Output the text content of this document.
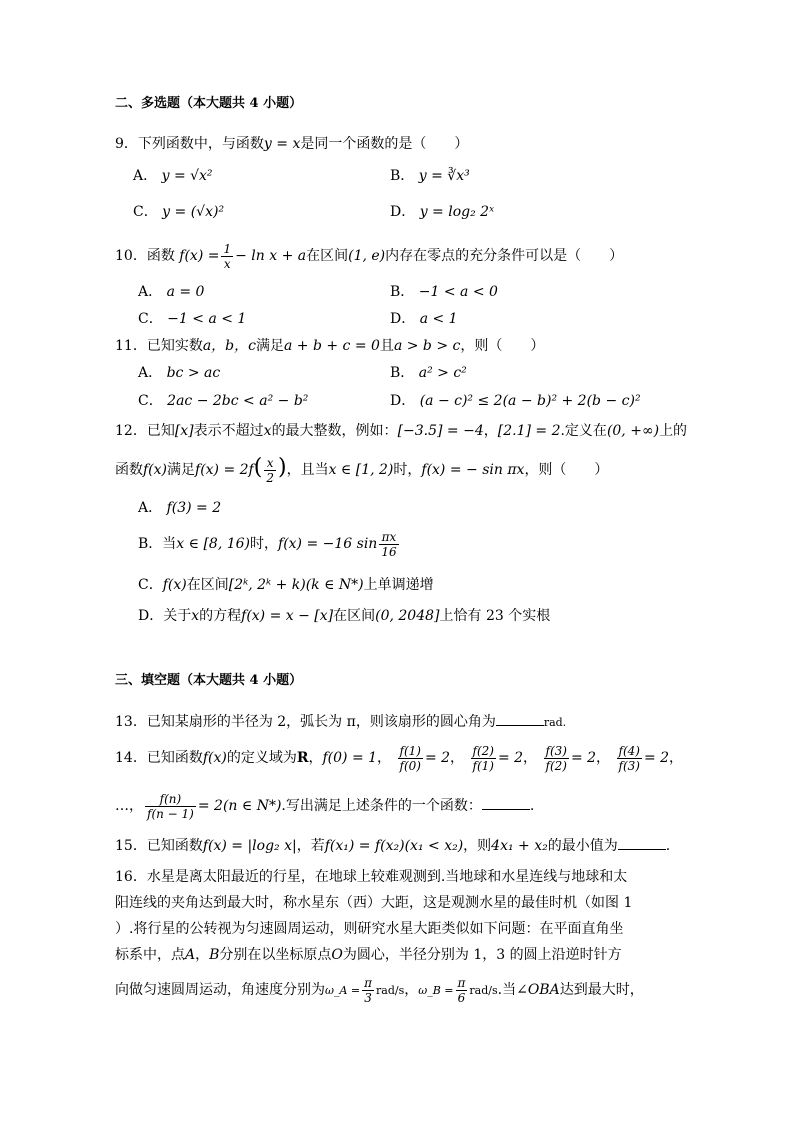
二、多选题（本大题共 4 小题）
9．下列函数中，与函数y = x是同一个函数的是（　　）
A． y = √x²	B． y = ∛x³
C． y = (√x)²	D． y = log₂ 2ˣ
10．函数 $f(x) = \frac{1}{x} - \ln x + a$在区间(1, e)内存在零点的充分条件可以是（　　）
A． a = 0	B． −1 < a < 0
C． −1 < a < 1	D． a < 1
11．已知实数a，b，c满足a + b + c = 0且a > b > c，则（　　）
A． bc > ac	B． a² > c²
C． 2ac − 2bc < a² − b²	D． (a − c)² ≤ 2(a − b)² + 2(b − c)²
12．已知[x]表示不超过x的最大整数，例如：[−3.5] = −4，[2.1] = 2.定义在(0, +∞)上的
函数f(x)满足$f(x) = 2f( \frac{x}{2}$ )，且当x ∈ [1, 2)时，f(x) = − sin πx，则（　　）
A． f(3) = 2
B．当x ∈ [8, 16)时，f(x) = −16 $\sin \frac{\pi x}{16}$
C．f(x)在区间[2ᵏ, 2ᵏ + k)(k ∈ N*)上单调递增
D．关于x的方程f(x) = x − [x]在区间(0, 2048]上恰有 23 个实根
三、填空题（本大题共 4 小题）
13．已知某扇形的半径为 2，弧长为 π，则该扇形的圆心角为	rad.
14．已知函数f(x)的定义域为R，f(0) = 1， $\frac{f(1)}{f(0)} = 2$， $\frac{f(2)}{f(1)} = 2$， $\frac{f(3)}{f(2)} = 2$， $\frac{f(4)}{f(3)} = 2$，
…， $\frac{f(n)}{f(n - 1)} = 2(n$ ∈ N*).写出满足上述条件的一个函数：	.
15．已知函数f(x) = |log₂ x|，若f(x₁) = f(x₂)(x₁ < x₂)，则4x₁ + x₂的最小值为	.
16．水星是离太阳最近的行星，在地球上较难观测到.当地球和水星连线与地球和太
阳连线的夹角达到最大时，称水星东（西）大距，这是观测水星的最佳时机（如图 1
）.将行星的公转视为匀速圆周运动，则研究水星大距类似如下问题：在平面直角坐
标系中，点A，B分别在以坐标原点O为圆心，半径分别为 1，3 的圆上沿逆时针方
向做匀速圆周运动，角速度分别为ω_A = $\frac{\pi}{3} rad/s$，ω_B = $\frac{\pi}{6} rad/s$.当∠OBA达到最大时，
